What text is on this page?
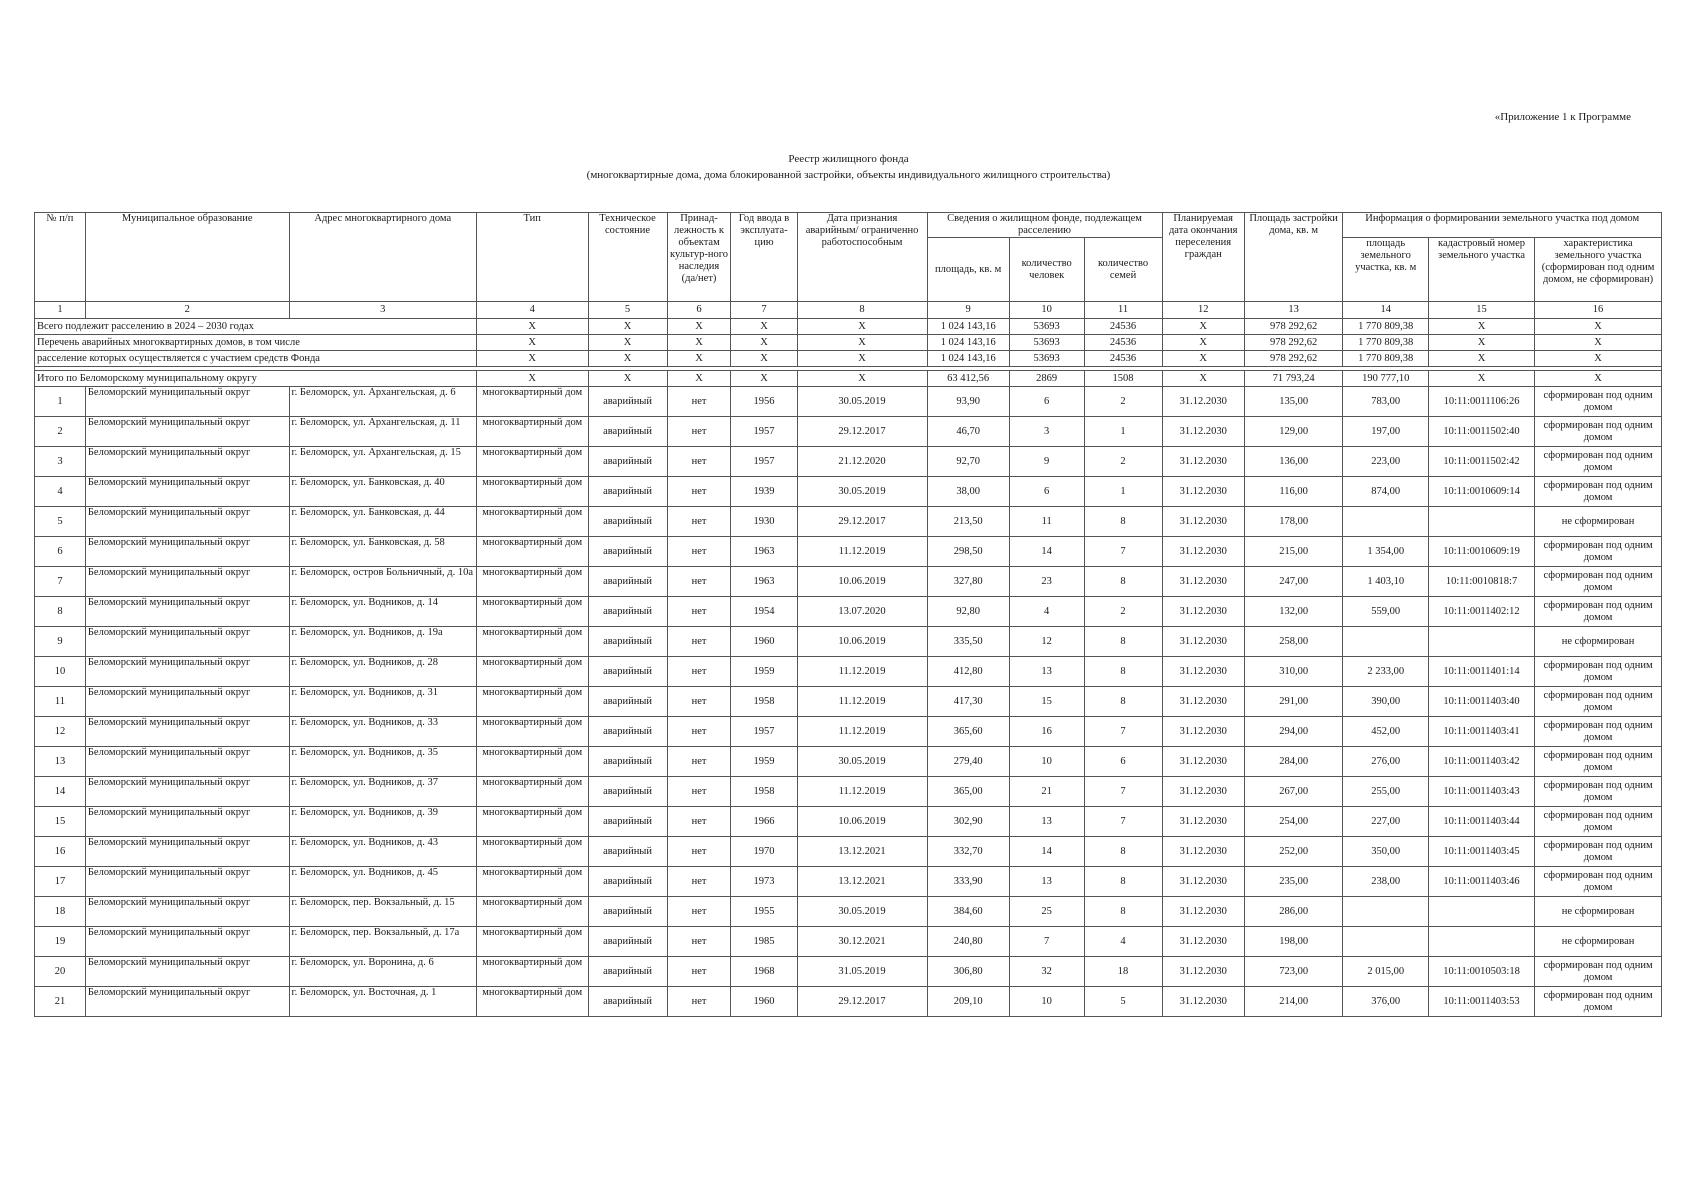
«Приложение 1 к Программе
Реестр жилищного фонда
(многоквартирные дома, дома блокированной застройки, объекты индивидуального жилищного строительства)
№ п/п	Муниципальное образование	Адрес многоквартирного дома	Тип	Техническое состояние	Принад-лежность к объектам культур-ного наследия (да/нет)	Год ввода в эксплуата-цию	Дата признания аварийным/ ограниченно работоспособным	Сведения о жилищном фонде, подлежащем расселению			Планируемая дата окончания переселения граждан	Площадь застройки дома, кв. м	Информация о формировании земельного участка под домом		
								площадь, кв. м	количество человек	количество семей			площадь земельного участка, кв. м	кадастровый номер земельного участка	характеристика земельного участка (сформирован под одним домом, не сформирован)

1	2	3	4	5	6	7	8	9	10	11	12	13	14	15	16
Всего подлежит расселению в 2024 – 2030 годах			X	X	X	X	X	1 024 143,16	53693	24536	X	978 292,62	1 770 809,38	X	X
Перечень аварийных многоквартирных домов, в том числе			X	X	X	X	X	1 024 143,16	53693	24536	X	978 292,62	1 770 809,38	X	X
расселение которых осуществляется с участием средств Фонда			X	X	X	X	X	1 024 143,16	53693	24536	X	978 292,62	1 770 809,38	X	X

Итого по Беломорскому муниципальному округу			X	X	X	X	X	63 412,56	2869	1508	X	71 793,24	190 777,10	X	X
1	Беломорский муниципальный округ	г. Беломорск, ул. Архангельская, д. 6	многоквартирный дом	аварийный	нет	1956	30.05.2019	93,90	6	2	31.12.2030	135,00	783,00	10:11:0011106:26	сформирован под одним домом
2	Беломорский муниципальный округ	г. Беломорск, ул. Архангельская, д. 11	многоквартирный дом	аварийный	нет	1957	29.12.2017	46,70	3	1	31.12.2030	129,00	197,00	10:11:0011502:40	сформирован под одним домом
3	Беломорский муниципальный округ	г. Беломорск, ул. Архангельская, д. 15	многоквартирный дом	аварийный	нет	1957	21.12.2020	92,70	9	2	31.12.2030	136,00	223,00	10:11:0011502:42	сформирован под одним домом
4	Беломорский муниципальный округ	г. Беломорск, ул. Банковская, д. 40	многоквартирный дом	аварийный	нет	1939	30.05.2019	38,00	6	1	31.12.2030	116,00	874,00	10:11:0010609:14	сформирован под одним домом
5	Беломорский муниципальный округ	г. Беломорск, ул. Банковская, д. 44	многоквартирный дом	аварийный	нет	1930	29.12.2017	213,50	11	8	31.12.2030	178,00			не сформирован
6	Беломорский муниципальный округ	г. Беломорск, ул. Банковская, д. 58	многоквартирный дом	аварийный	нет	1963	11.12.2019	298,50	14	7	31.12.2030	215,00	1 354,00	10:11:0010609:19	сформирован под одним домом
7	Беломорский муниципальный округ	г. Беломорск, остров Больничный, д. 10а	многоквартирный дом	аварийный	нет	1963	10.06.2019	327,80	23	8	31.12.2030	247,00	1 403,10	10:11:0010818:7	сформирован под одним домом
8	Беломорский муниципальный округ	г. Беломорск, ул. Водников, д. 14	многоквартирный дом	аварийный	нет	1954	13.07.2020	92,80	4	2	31.12.2030	132,00	559,00	10:11:0011402:12	сформирован под одним домом
9	Беломорский муниципальный округ	г. Беломорск, ул. Водников, д. 19а	многоквартирный дом	аварийный	нет	1960	10.06.2019	335,50	12	8	31.12.2030	258,00			не сформирован
10	Беломорский муниципальный округ	г. Беломорск, ул. Водников, д. 28	многоквартирный дом	аварийный	нет	1959	11.12.2019	412,80	13	8	31.12.2030	310,00	2 233,00	10:11:0011401:14	сформирован под одним домом
11	Беломорский муниципальный округ	г. Беломорск, ул. Водников, д. 31	многоквартирный дом	аварийный	нет	1958	11.12.2019	417,30	15	8	31.12.2030	291,00	390,00	10:11:0011403:40	сформирован под одним домом
12	Беломорский муниципальный округ	г. Беломорск, ул. Водников, д. 33	многоквартирный дом	аварийный	нет	1957	11.12.2019	365,60	16	7	31.12.2030	294,00	452,00	10:11:0011403:41	сформирован под одним домом
13	Беломорский муниципальный округ	г. Беломорск, ул. Водников, д. 35	многоквартирный дом	аварийный	нет	1959	30.05.2019	279,40	10	6	31.12.2030	284,00	276,00	10:11:0011403:42	сформирован под одним домом
14	Беломорский муниципальный округ	г. Беломорск, ул. Водников, д. 37	многоквартирный дом	аварийный	нет	1958	11.12.2019	365,00	21	7	31.12.2030	267,00	255,00	10:11:0011403:43	сформирован под одним домом
15	Беломорский муниципальный округ	г. Беломорск, ул. Водников, д. 39	многоквартирный дом	аварийный	нет	1966	10.06.2019	302,90	13	7	31.12.2030	254,00	227,00	10:11:0011403:44	сформирован под одним домом
16	Беломорский муниципальный округ	г. Беломорск, ул. Водников, д. 43	многоквартирный дом	аварийный	нет	1970	13.12.2021	332,70	14	8	31.12.2030	252,00	350,00	10:11:0011403:45	сформирован под одним домом
17	Беломорский муниципальный округ	г. Беломорск, ул. Водников, д. 45	многоквартирный дом	аварийный	нет	1973	13.12.2021	333,90	13	8	31.12.2030	235,00	238,00	10:11:0011403:46	сформирован под одним домом
18	Беломорский муниципальный округ	г. Беломорск, пер. Вокзальный, д. 15	многоквартирный дом	аварийный	нет	1955	30.05.2019	384,60	25	8	31.12.2030	286,00			не сформирован
19	Беломорский муниципальный округ	г. Беломорск, пер. Вокзальный, д. 17а	многоквартирный дом	аварийный	нет	1985	30.12.2021	240,80	7	4	31.12.2030	198,00			не сформирован
20	Беломорский муниципальный округ	г. Беломорск, ул. Воронина, д. 6	многоквартирный дом	аварийный	нет	1968	31.05.2019	306,80	32	18	31.12.2030	723,00	2 015,00	10:11:0010503:18	сформирован под одним домом
21	Беломорский муниципальный округ	г. Беломорск, ул. Восточная, д. 1	многоквартирный дом	аварийный	нет	1960	29.12.2017	209,10	10	5	31.12.2030	214,00	376,00	10:11:0011403:53	сформирован под одним домом
